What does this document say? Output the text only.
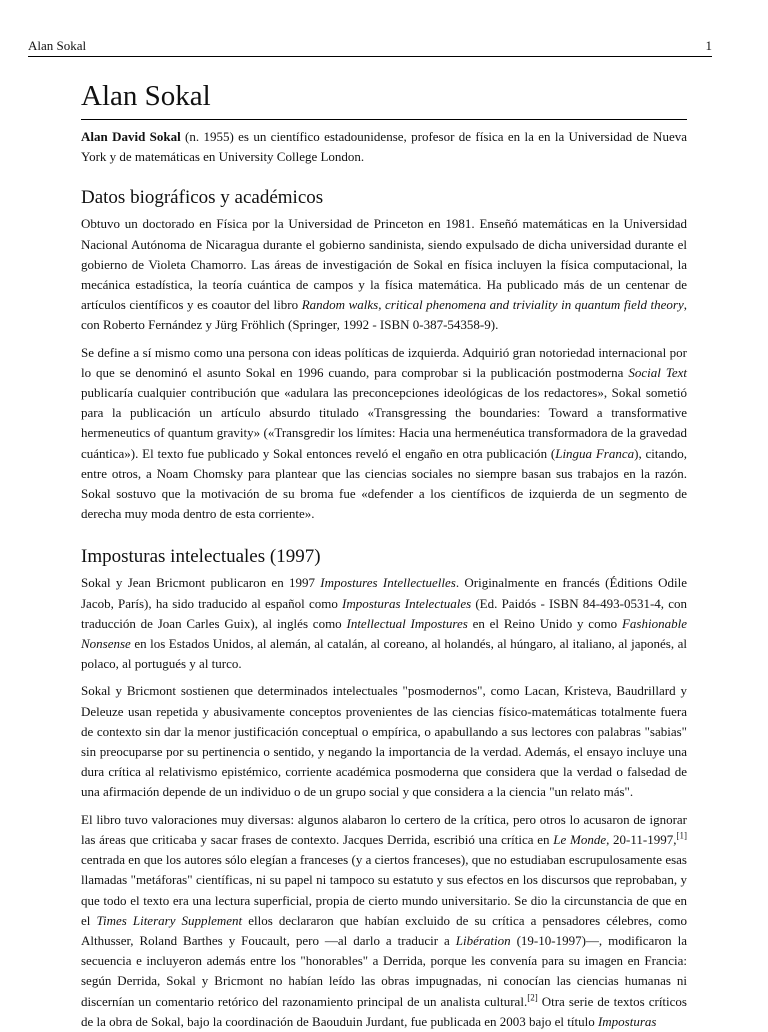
Alan Sokal	1
Alan Sokal

Alan David Sokal (n. 1955) es un científico estadounidense, profesor de física en la en la Universidad de Nueva York y de matemáticas en University College London.

Datos biográficos y académicos

Obtuvo un doctorado en Física por la Universidad de Princeton en 1981. Enseñó matemáticas en la Universidad Nacional Autónoma de Nicaragua durante el gobierno sandinista, siendo expulsado de dicha universidad durante el gobierno de Violeta Chamorro. Las áreas de investigación de Sokal en física incluyen la física computacional, la mecánica estadística, la teoría cuántica de campos y la física matemática. Ha publicado más de un centenar de artículos científicos y es coautor del libro Random walks, critical phenomena and triviality in quantum field theory, con Roberto Fernández y Jürg Fröhlich (Springer, 1992 - ISBN 0-387-54358-9).

Se define a sí mismo como una persona con ideas políticas de izquierda. Adquirió gran notoriedad internacional por lo que se denominó el asunto Sokal en 1996 cuando, para comprobar si la publicación postmoderna Social Text publicaría cualquier contribución que «adulara las preconcepciones ideológicas de los redactores», Sokal sometió para la publicación un artículo absurdo titulado «Transgressing the boundaries: Toward a transformative hermeneutics of quantum gravity» («Transgredir los límites: Hacia una hermenéutica transformadora de la gravedad cuántica»). El texto fue publicado y Sokal entonces reveló el engaño en otra publicación (Lingua Franca), citando, entre otros, a Noam Chomsky para plantear que las ciencias sociales no siempre basan sus trabajos en la razón. Sokal sostuvo que la motivación de su broma fue «defender a los científicos de izquierda de un segmento de derecha muy moda dentro de esta corriente».

Imposturas intelectuales (1997)

Sokal y Jean Bricmont publicaron en 1997 Impostures Intellectuelles. Originalmente en francés (Éditions Odile Jacob, París), ha sido traducido al español como Imposturas Intelectuales (Ed. Paidós - ISBN 84-493-0531-4, con traducción de Joan Carles Guix), al inglés como Intellectual Impostures en el Reino Unido y como Fashionable Nonsense en los Estados Unidos, al alemán, al catalán, al coreano, al holandés, al húngaro, al italiano, al japonés, al polaco, al portugués y al turco.

Sokal y Bricmont sostienen que determinados intelectuales "posmodernos", como Lacan, Kristeva, Baudrillard y Deleuze usan repetida y abusivamente conceptos provenientes de las ciencias físico-matemáticas totalmente fuera de contexto sin dar la menor justificación conceptual o empírica, o apabullando a sus lectores con palabras "sabias" sin preocuparse por su pertinencia o sentido, y negando la importancia de la verdad. Además, el ensayo incluye una dura crítica al relativismo epistémico, corriente académica posmoderna que considera que la verdad o falsedad de una afirmación depende de un individuo o de un grupo social y que considera a la ciencia "un relato más".

El libro tuvo valoraciones muy diversas: algunos alabaron lo certero de la crítica, pero otros lo acusaron de ignorar las áreas que criticaba y sacar frases de contexto. Jacques Derrida, escribió una crítica en Le Monde, 20-11-1997,[1] centrada en que los autores sólo elegían a franceses (y a ciertos franceses), que no estudiaban escrupulosamente esas llamadas "metáforas" científicas, ni su papel ni tampoco su estatuto y sus efectos en los discursos que reprobaban, y que todo el texto era una lectura superficial, propia de cierto mundo universitario. Se dio la circunstancia de que en el Times Literary Supplement ellos declararon que habían excluido de su crítica a pensadores célebres, como Althusser, Roland Barthes y Foucault, pero —al darlo a traducir a Libération (19-10-1997)—, modificaron la secuencia e incluyeron además entre los "honorables" a Derrida, porque les convenía para su imagen en Francia: según Derrida, Sokal y Bricmont no habían leído las obras impugnadas, ni conocían las ciencias humanas ni discernían un comentario retórico del razonamiento principal de un analista cultural.[2] Otra serie de textos críticos de la obra de Sokal, bajo la coordinación de Baouduin Jurdant, fue publicada en 2003 bajo el título Imposturas
